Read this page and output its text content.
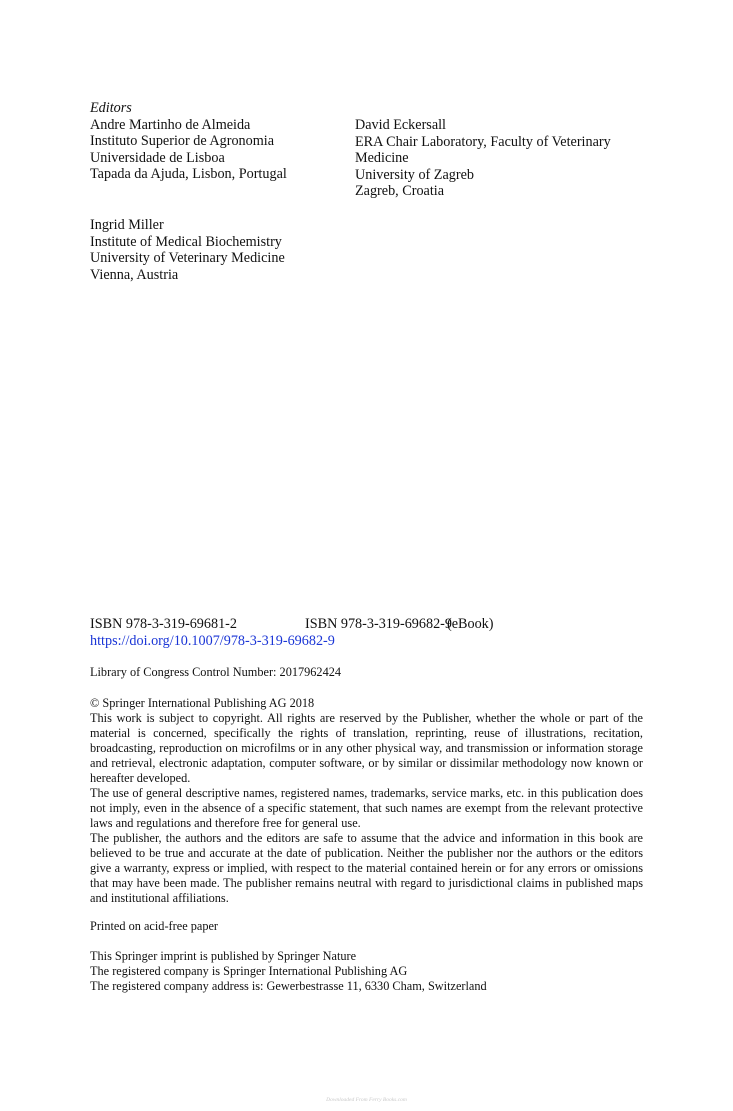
Editors
Andre Martinho de Almeida
Instituto Superior de Agronomia
Universidade de Lisboa
Tapada da Ajuda, Lisbon, Portugal
David Eckersall
ERA Chair Laboratory, Faculty of Veterinary
Medicine
University of Zagreb
Zagreb, Croatia
Ingrid Miller
Institute of Medical Biochemistry
University of Veterinary Medicine
Vienna, Austria
ISBN 978-3-319-69681-2	ISBN 978-3-319-69682-9(eBook)
https://doi.org/10.1007/978-3-319-69682-9
Library of Congress Control Number: 2017962424

© Springer International Publishing AG 2018

This work is subject to copyright. All rights are reserved by the Publisher, whether the whole or part of the material is concerned, specifically the rights of translation, reprinting, reuse of illustrations, recitation, broadcasting, reproduction on microfilms or in any other physical way, and transmission or information storage and retrieval, electronic adaptation, computer software, or by similar or dissimilar methodology now known or hereafter developed.

The use of general descriptive names, registered names, trademarks, service marks, etc. in this publication does not imply, even in the absence of a specific statement, that such names are exempt from the relevant protective laws and regulations and therefore free for general use.

The publisher, the authors and the editors are safe to assume that the advice and information in this book are believed to be true and accurate at the date of publication. Neither the publisher nor the authors or the editors give a warranty, express or implied, with respect to the material contained herein or for any errors or omissions that may have been made. The publisher remains neutral with regard to jurisdictional claims in published maps and institutional affiliations.

Printed on acid-free paper
This Springer imprint is published by Springer Nature
The registered company is Springer International Publishing AG
The registered company address is: Gewerbestrasse 11, 6330 Cham, Switzerland
Downloaded From Ferry Books.com
